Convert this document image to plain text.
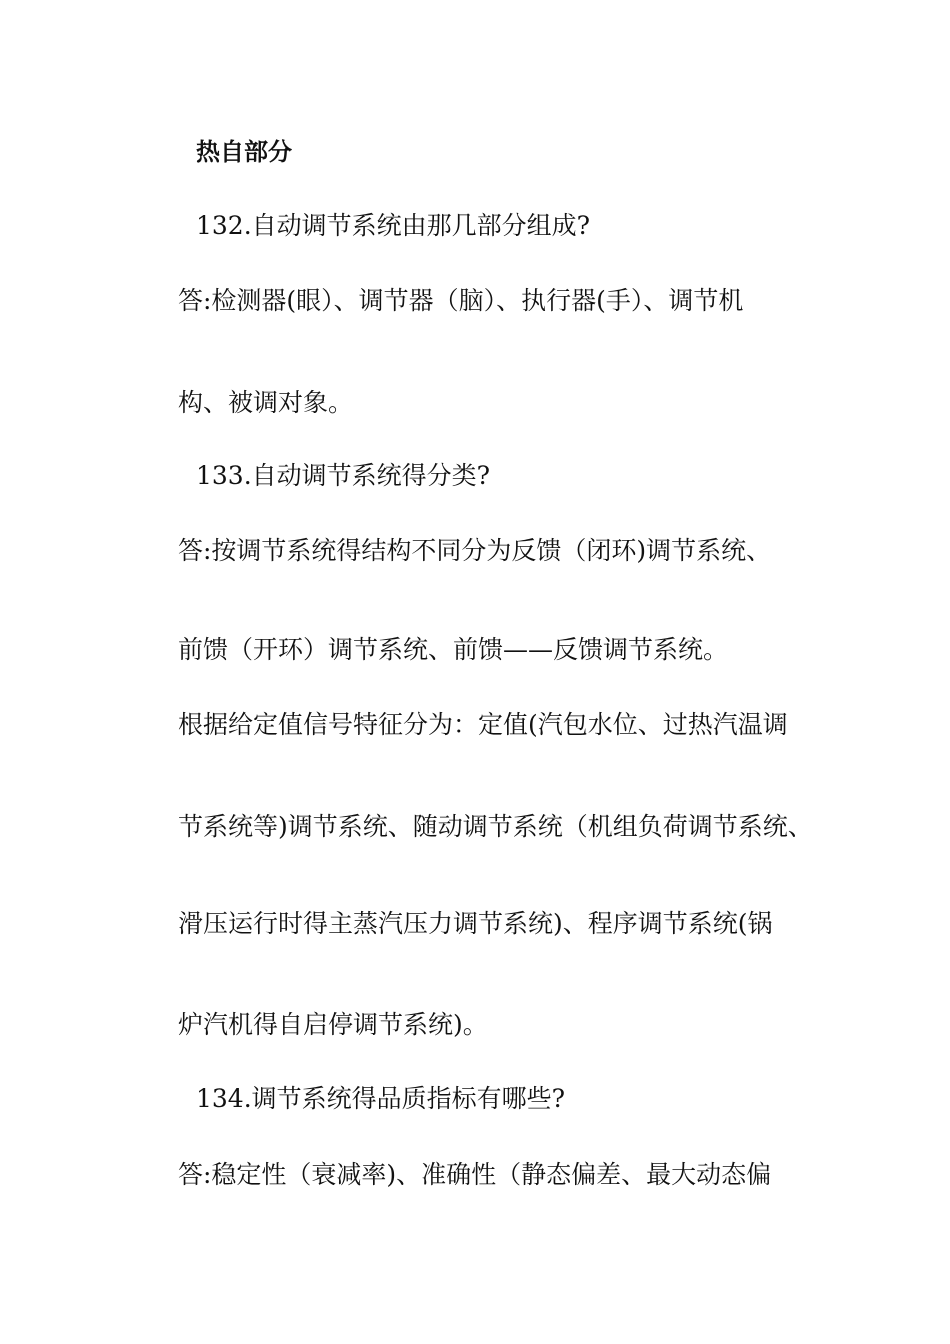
热自部分

132.自动调节系统由那几部分组成?

答:检测器(眼）、调节器（脑）、执行器(手）、调节机

构、被调对象。

133.自动调节系统得分类?

答:按调节系统得结构不同分为反馈（闭环)调节系统、

前馈（开环）调节系统、前馈——反馈调节系统。

根据给定值信号特征分为：定值(汽包水位、过热汽温调

节系统等)调节系统、随动调节系统（机组负荷调节系统、

滑压运行时得主蒸汽压力调节系统)、程序调节系统(锅

炉汽机得自启停调节系统)。

134.调节系统得品质指标有哪些?

答:稳定性（衰减率)、准确性（静态偏差、最大动态偏
